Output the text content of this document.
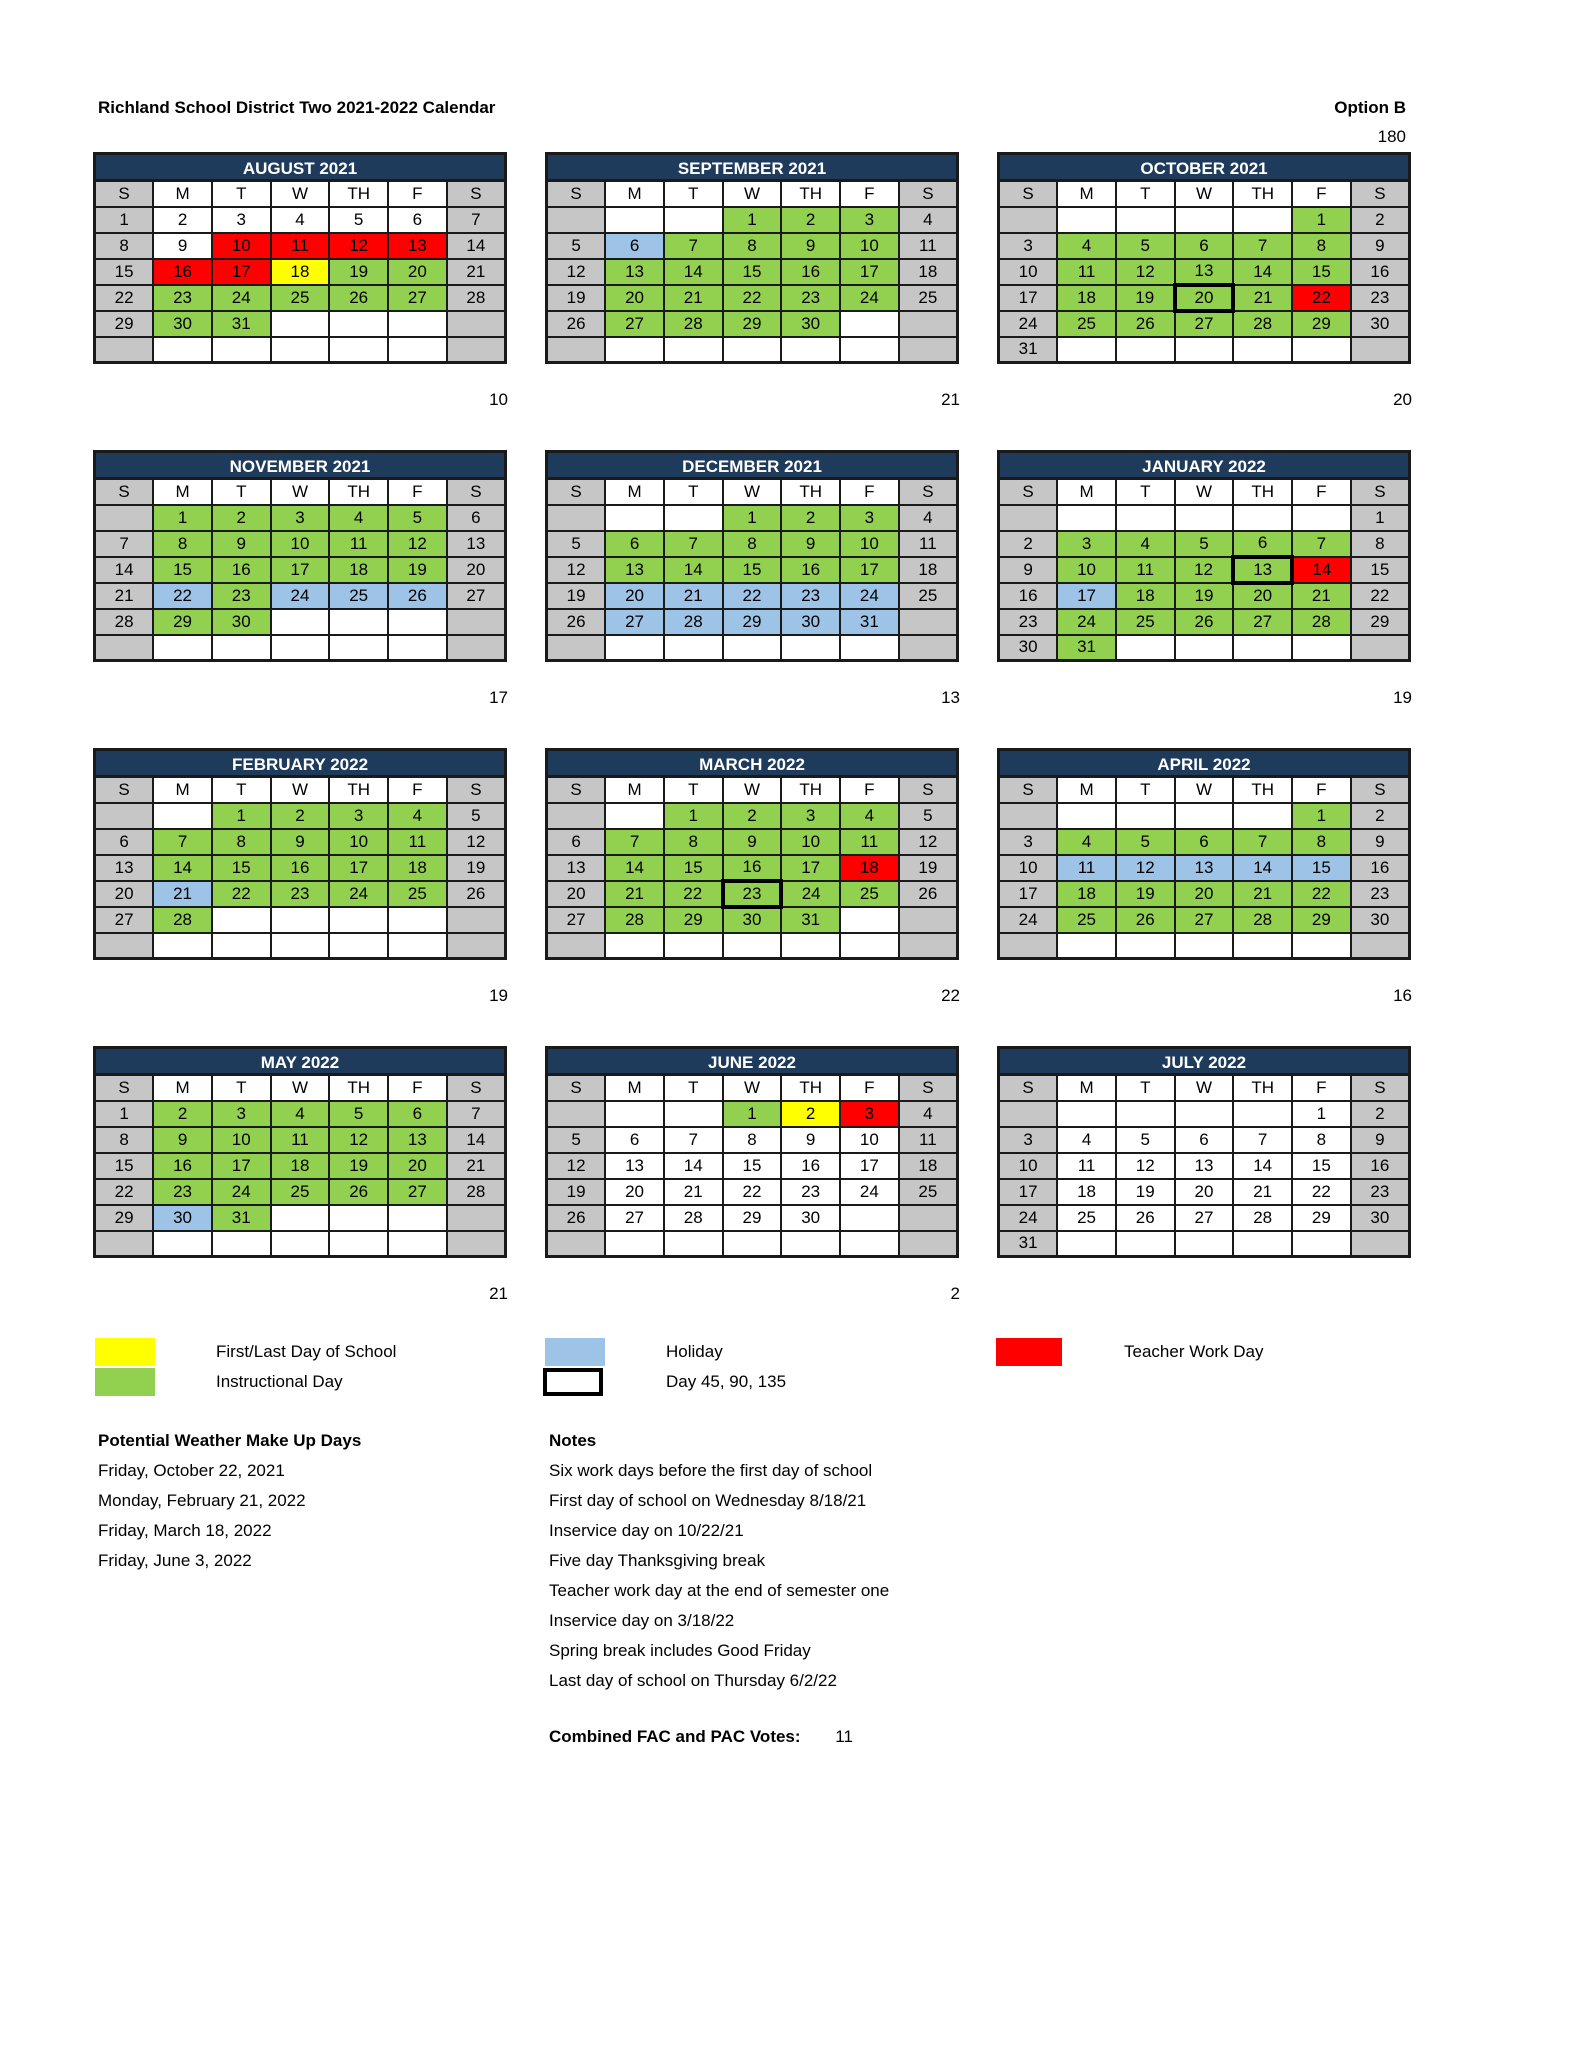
Richland School District Two 2021-2022 Calendar	Option B
180
AUGUST 2021
S	M	T	W	TH	F	S
1	2	3	4	5	6	7
8	9	10	11	12	13	14
15	16	17	18	19	20	21
22	23	24	25	26	27	28
29	30	31				

10
SEPTEMBER 2021
S	M	T	W	TH	F	S
			1	2	3	4
5	6	7	8	9	10	11
12	13	14	15	16	17	18
19	20	21	22	23	24	25
26	27	28	29	30		

21
OCTOBER 2021
S	M	T	W	TH	F	S
					1	2
3	4	5	6	7	8	9
10	11	12	13	14	15	16
17	18	19	20	21	22	23
24	25	26	27	28	29	30
31						
20
NOVEMBER 2021
S	M	T	W	TH	F	S
	1	2	3	4	5	6
7	8	9	10	11	12	13
14	15	16	17	18	19	20
21	22	23	24	25	26	27
28	29	30				

17
DECEMBER 2021
S	M	T	W	TH	F	S
			1	2	3	4
5	6	7	8	9	10	11
12	13	14	15	16	17	18
19	20	21	22	23	24	25
26	27	28	29	30	31	

13
JANUARY 2022
S	M	T	W	TH	F	S
						1
2	3	4	5	6	7	8
9	10	11	12	13	14	15
16	17	18	19	20	21	22
23	24	25	26	27	28	29
30	31					
19
FEBRUARY 2022
S	M	T	W	TH	F	S
		1	2	3	4	5
6	7	8	9	10	11	12
13	14	15	16	17	18	19
20	21	22	23	24	25	26
27	28					

19
MARCH 2022
S	M	T	W	TH	F	S
		1	2	3	4	5
6	7	8	9	10	11	12
13	14	15	16	17	18	19
20	21	22	23	24	25	26
27	28	29	30	31		

22
APRIL 2022
S	M	T	W	TH	F	S
					1	2
3	4	5	6	7	8	9
10	11	12	13	14	15	16
17	18	19	20	21	22	23
24	25	26	27	28	29	30

16
MAY 2022
S	M	T	W	TH	F	S
1	2	3	4	5	6	7
8	9	10	11	12	13	14
15	16	17	18	19	20	21
22	23	24	25	26	27	28
29	30	31				

21
JUNE 2022
S	M	T	W	TH	F	S
			1	2	3	4
5	6	7	8	9	10	11
12	13	14	15	16	17	18
19	20	21	22	23	24	25
26	27	28	29	30		

2
JULY 2022
S	M	T	W	TH	F	S
					1	2
3	4	5	6	7	8	9
10	11	12	13	14	15	16
17	18	19	20	21	22	23
24	25	26	27	28	29	30
31						
First/Last Day of School
Instructional Day
Holiday
Day 45, 90, 135
Teacher Work Day
Potential Weather Make Up Days
Friday, October 22, 2021
Monday, February 21, 2022
Friday, March 18, 2022
Friday, June 3, 2022
Notes
Six work days before the first day of school
First day of school on Wednesday 8/18/21
Inservice day on 10/22/21
Five day Thanksgiving break
Teacher work day at the end of semester one
Inservice day on 3/18/22
Spring break includes Good Friday
Last day of school on Thursday 6/2/22
Combined FAC and PAC Votes: 11
